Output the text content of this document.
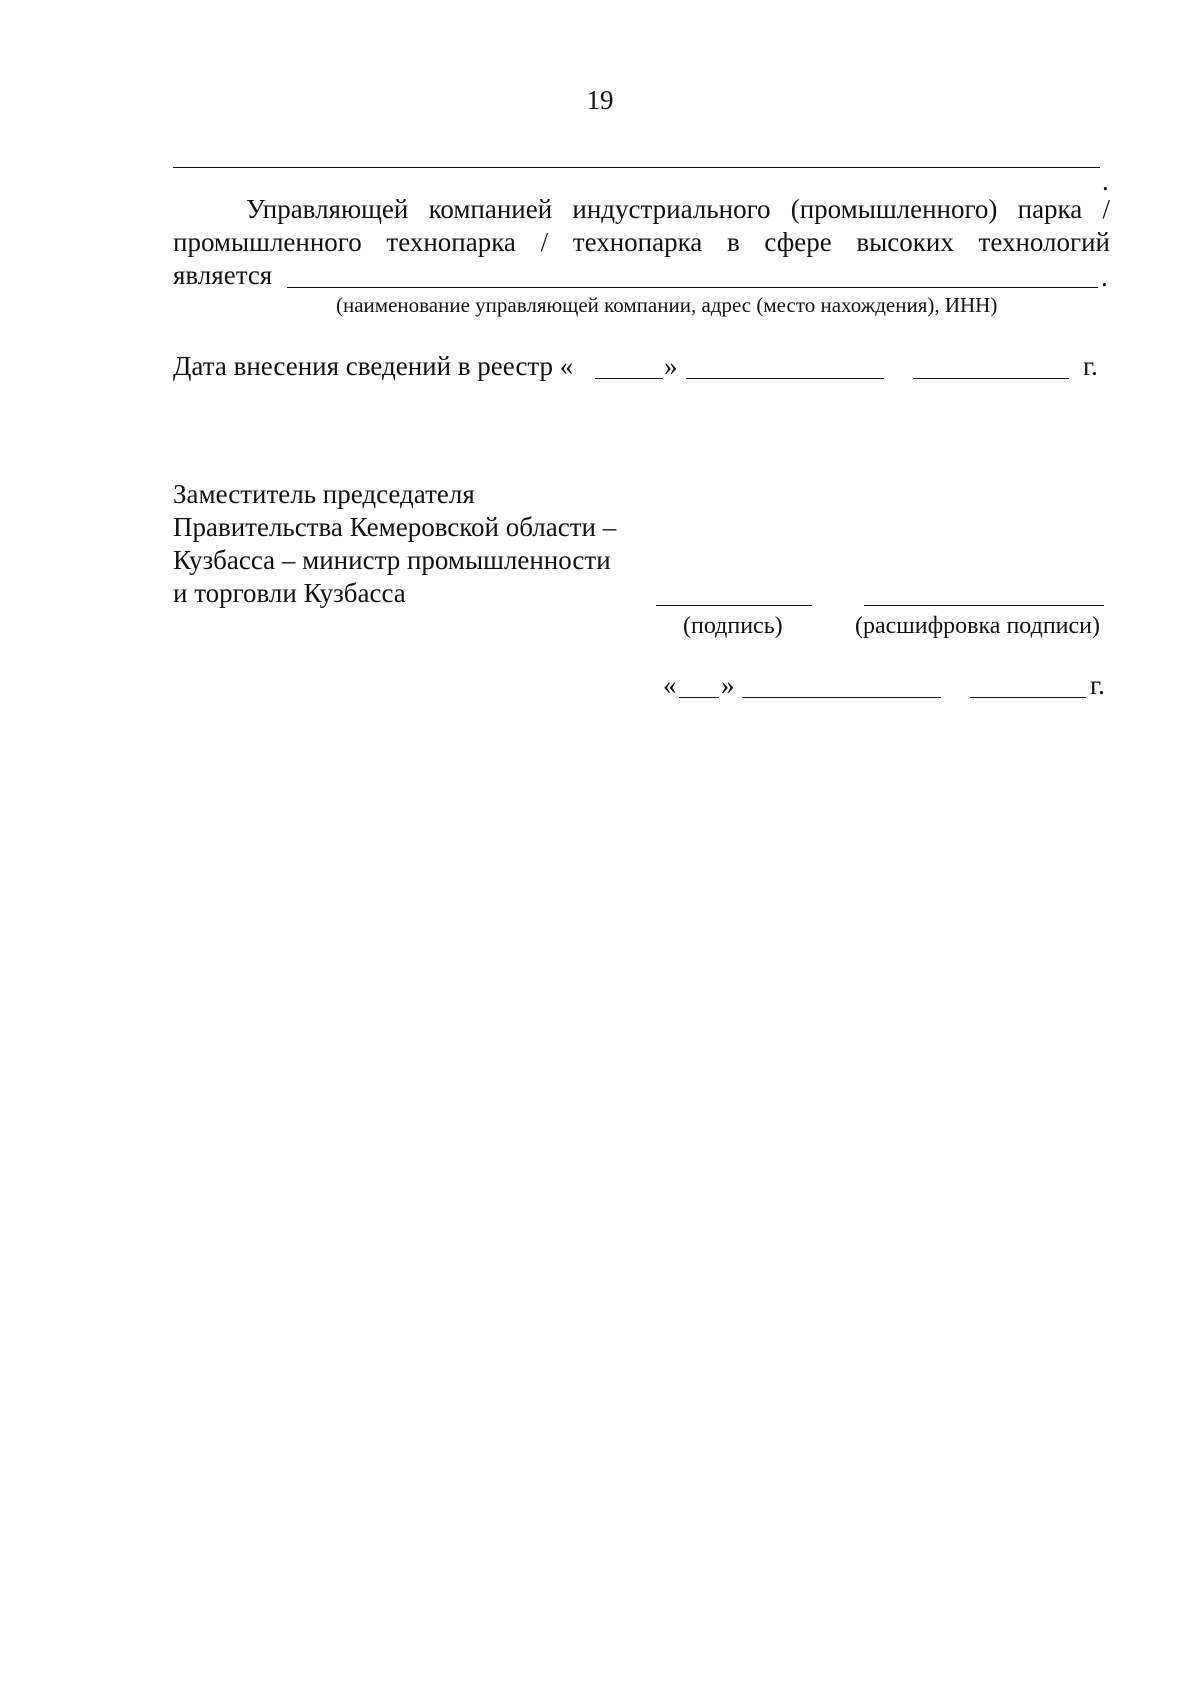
19
.
Управляющей компанией индустриального (промышленного) парка /
промышленного технопарка / технопарка в сфере высоких технологий
является	.
(наименование управляющей компании, адрес (место нахождения), ИНН)
Дата внесения сведений в реестр «	»	г.
Заместитель председателя
Правительства Кемеровской области –
Кузбасса – министр промышленности
и торговли Кузбасса
(подпись)	(расшифровка подписи)
« »	г.
